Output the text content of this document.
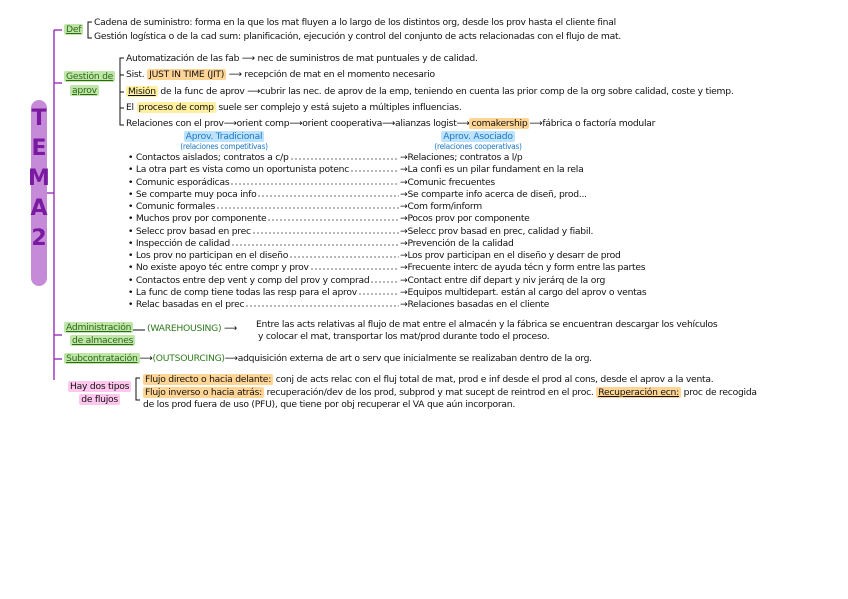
T
E
M
A
2
Def
Cadena de suministro: forma en la que los mat fluyen a lo largo de los distintos org, desde los prov hasta el cliente final
Gestión logística o de la cad sum: planificación, ejecución y control del conjunto de acts relacionadas con el flujo de mat.
Gestión de
aprov
Automatización de las fab ⟶ nec de suministros de mat puntuales y de calidad.
Sist. JUST IN TIME (JIT) ⟶ recepción de mat en el momento necesario
Misión de la func de aprov ⟶cubrir las nec. de aprov de la emp, teniendo en cuenta las prior comp de la org sobre calidad, coste y tiemp.
El proceso de comp suele ser complejo y está sujeto a múltiples influencias.
Relaciones con el prov⟶orient comp⟶orient cooperativa⟶alianzas logist⟶ comakership ⟶fábrica o factoría modular
Aprov. Tradicional
(relaciones competitivas)
Aprov. Asociado
(relaciones cooperativas)
• Contactos aislados; contratos a c/p	→Relaciones; contratos a l/p
• La otra part es vista como un oportunista potenc	→La confi es un pilar fundament en la rela
• Comunic esporádicas	→Comunic frecuentes
• Se comparte muy poca info	→Se comparte info acerca de diseñ, prod...
• Comunic formales	→Com form/inform
• Muchos prov por componente	→Pocos prov por componente
• Selecc prov basad en prec	→Selecc prov basad en prec, calidad y fiabil.
• Inspección de calidad	→Prevención de la calidad
• Los prov no participan en el diseño	→Los prov participan en el diseño y desarr de prod
• No existe apoyo téc entre compr y prov	→Frecuente interc de ayuda técn y form entre las partes
• Contactos entre dep vent y comp del prov y comprad	→Contact entre dif depart y niv jerárq de la org
• La func de comp tiene todas las resp para el aprov	→Equipos multidepart. están al cargo del aprov o ventas
• Relac basadas en el prec	→Relaciones basadas en el cliente
Administración
de almacenes
(WAREHOUSING) ⟶ Entre las acts relativas al flujo de mat entre el almacén y la fábrica se encuentran descargar los vehículos
y colocar el mat, transportar los mat/prod durante todo el proceso.
Subcontratación ⟶(OUTSOURCING)⟶adquisición externa de art o serv que inicialmente se realizaban dentro de la org.
Hay dos tipos
de flujos
Flujo directo o hacia delante: conj de acts relac con el fluj total de mat, prod e inf desde el prod al cons, desde el aprov a la venta.
Flujo inverso o hacia atrás: recuperación/dev de los prod, subprod y mat sucept de reintrod en el proc. Recuperación ecn: proc de recogida
de los prod fuera de uso (PFU), que tiene por obj recuperar el VA que aún incorporan.
